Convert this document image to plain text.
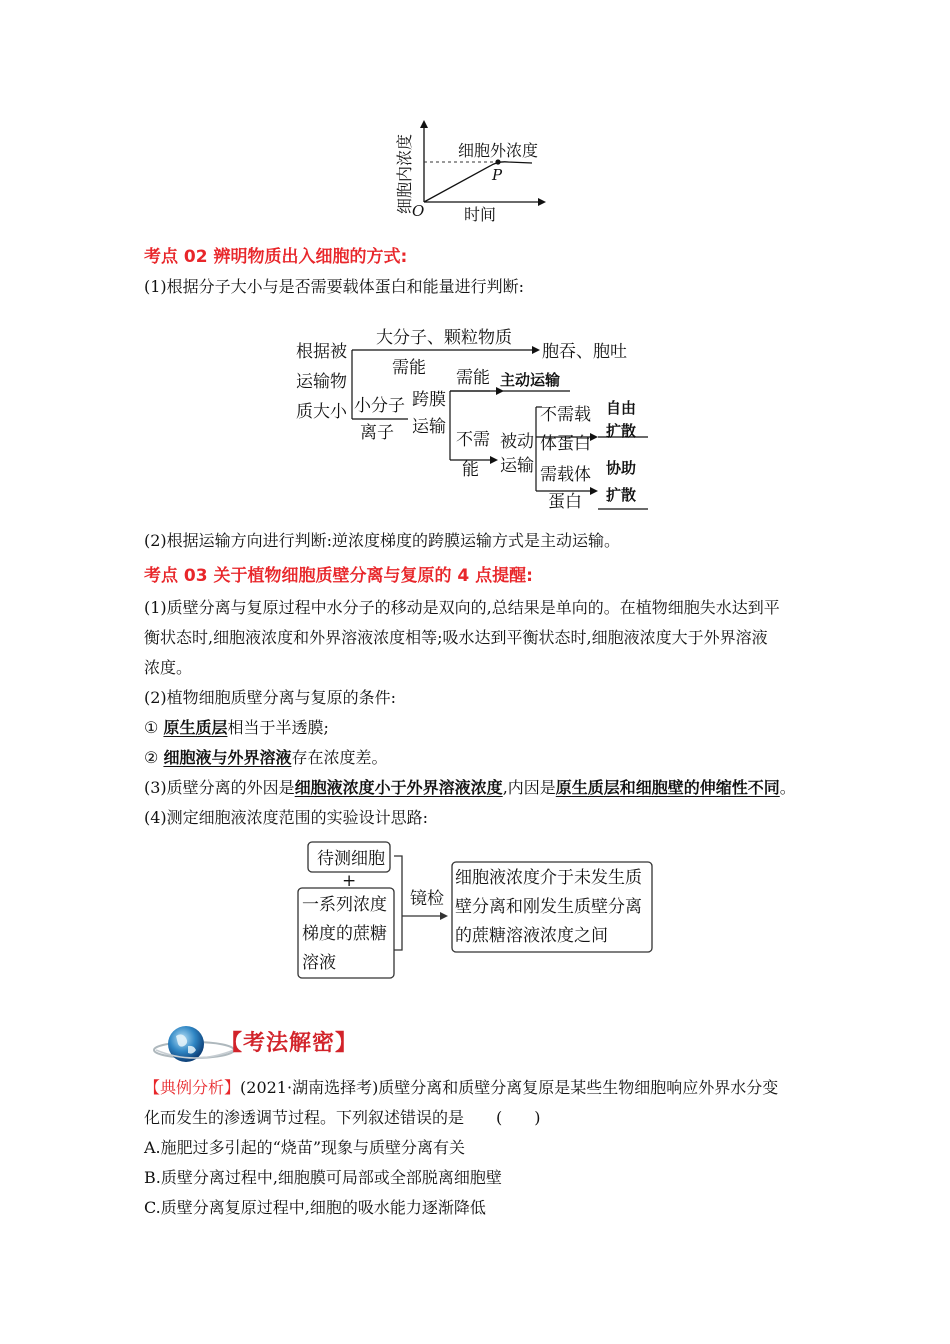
细胞内浓度	细胞外浓度
P
O 时间
考点 02 辨明物质出入细胞的方式:
(1)根据分子大小与是否需要载体蛋白和能量进行判断:
根据被
运输物
质大小
大分子、颗粒物质
需能
胞吞、胞吐
小分子
离子
跨膜
运输
需能 主动运输
不需
能
被动
运输
不需载
体蛋白
需载体
蛋白
自由
扩散
协助
扩散
(2)根据运输方向进行判断:逆浓度梯度的跨膜运输方式是主动运输。
考点 03 关于植物细胞质壁分离与复原的 4 点提醒:
(1)质壁分离与复原过程中水分子的移动是双向的,总结果是单向的。在植物细胞失水达到平
衡状态时,细胞液浓度和外界溶液浓度相等;吸水达到平衡状态时,细胞液浓度大于外界溶液
浓度。
(2)植物细胞质壁分离与复原的条件:
① 原生质层相当于半透膜;
② 细胞液与外界溶液存在浓度差。
(3)质壁分离的外因是细胞液浓度小于外界溶液浓度,内因是原生质层和细胞壁的伸缩性不同。
(4)测定细胞液浓度范围的实验设计思路:
待测细胞
+
一系列浓度
梯度的蔗糖
溶液
镜检
细胞液浓度介于未发生质
壁分离和刚发生质壁分离
的蔗糖溶液浓度之间
【考法解密】
【典例分析】(2021·湖南选择考)质壁分离和质壁分离复原是某些生物细胞响应外界水分变
化而发生的渗透调节过程。下列叙述错误的是　　(　　)
A.施肥过多引起的“烧苗”现象与质壁分离有关
B.质壁分离过程中,细胞膜可局部或全部脱离细胞壁
C.质壁分离复原过程中,细胞的吸水能力逐渐降低
